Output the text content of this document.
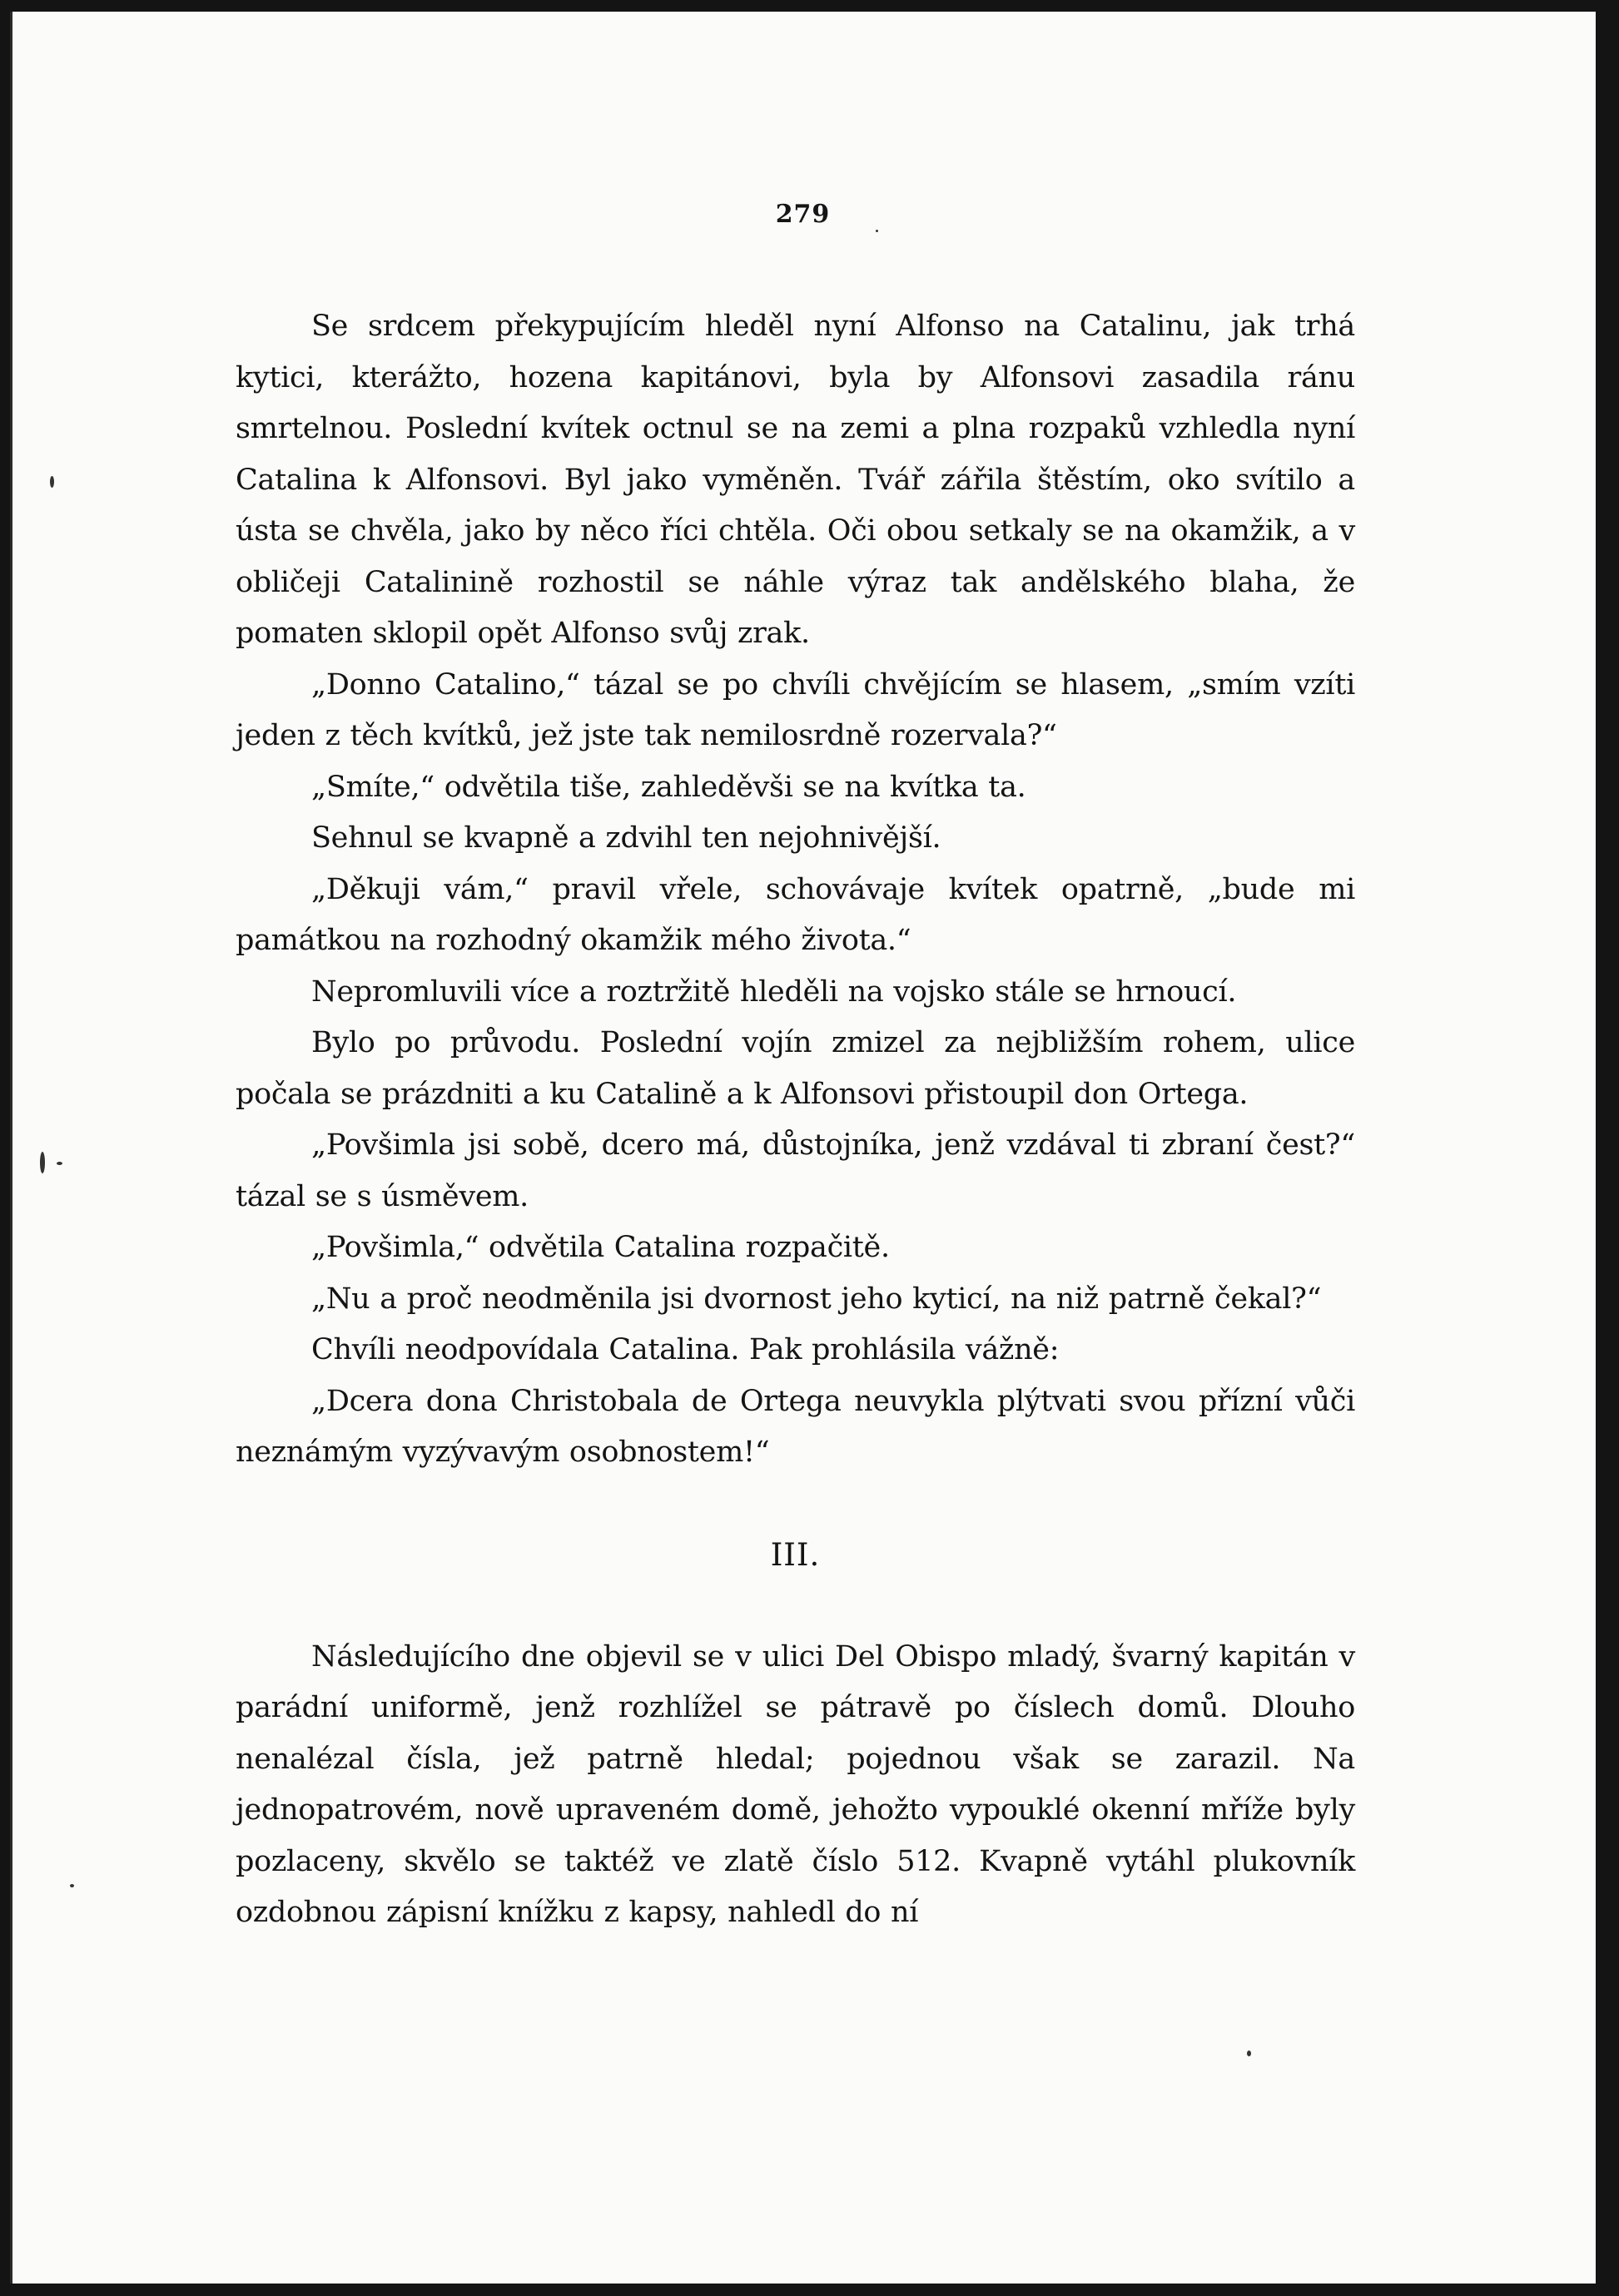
279

Se srdcem překypujícím hleděl nyní Alfonso na Catalinu, jak trhá kytici, kterážto, hozena kapitánovi, byla by Alfonsovi zasadila ránu smrtelnou. Poslední kvítek octnul se na zemi a plna rozpaků vzhledla nyní Catalina k Alfonsovi. Byl jako vyměněn. Tvář zářila štěstím, oko svítilo a ústa se chvěla, jako by něco říci chtěla. Oči obou setkaly se na okamžik, a v obličeji Catalinině rozhostil se náhle výraz tak andělského blaha, že pomaten sklopil opět Alfonso svůj zrak.

„Donno Catalino,“ tázal se po chvíli chvějícím se hlasem, „smím vzíti jeden z těch kvítků, jež jste tak nemilosrdně rozervala?“

„Smíte,“ odvětila tiše, zahleděvši se na kvítka ta.

Sehnul se kvapně a zdvihl ten nejohnivější.

„Děkuji vám,“ pravil vřele, schovávaje kvítek opatrně, „bude mi památkou na rozhodný okamžik mého života.“

Nepromluvili více a roztržitě hleděli na vojsko stále se hrnoucí.

Bylo po průvodu. Poslední vojín zmizel za nejbližším rohem, ulice počala se prázdniti a ku Catalině a k Alfonsovi přistoupil don Ortega.

„Povšimla jsi sobě, dcero má, důstojníka, jenž vzdával ti zbraní čest?“ tázal se s úsměvem.

„Povšimla,“ odvětila Catalina rozpačitě.

„Nu a proč neodměnila jsi dvornost jeho kyticí, na niž patrně čekal?“

Chvíli neodpovídala Catalina. Pak prohlásila vážně:

„Dcera dona Christobala de Ortega neuvykla plýtvati svou přízní vůči neznámým vyzývavým osobnostem!“

III.

Následujícího dne objevil se v ulici Del Obispo mladý, švarný kapitán v parádní uniformě, jenž rozhlížel se pátravě po číslech domů. Dlouho nenalézal čísla, jež patrně hledal; pojednou však se zarazil. Na jednopatrovém, nově upraveném domě, jehožto vypouklé okenní mříže byly pozlaceny, skvělo se taktéž ve zlatě číslo 512. Kvapně vytáhl plukovník ozdobnou zápisní knížku z kapsy, nahledl do ní
